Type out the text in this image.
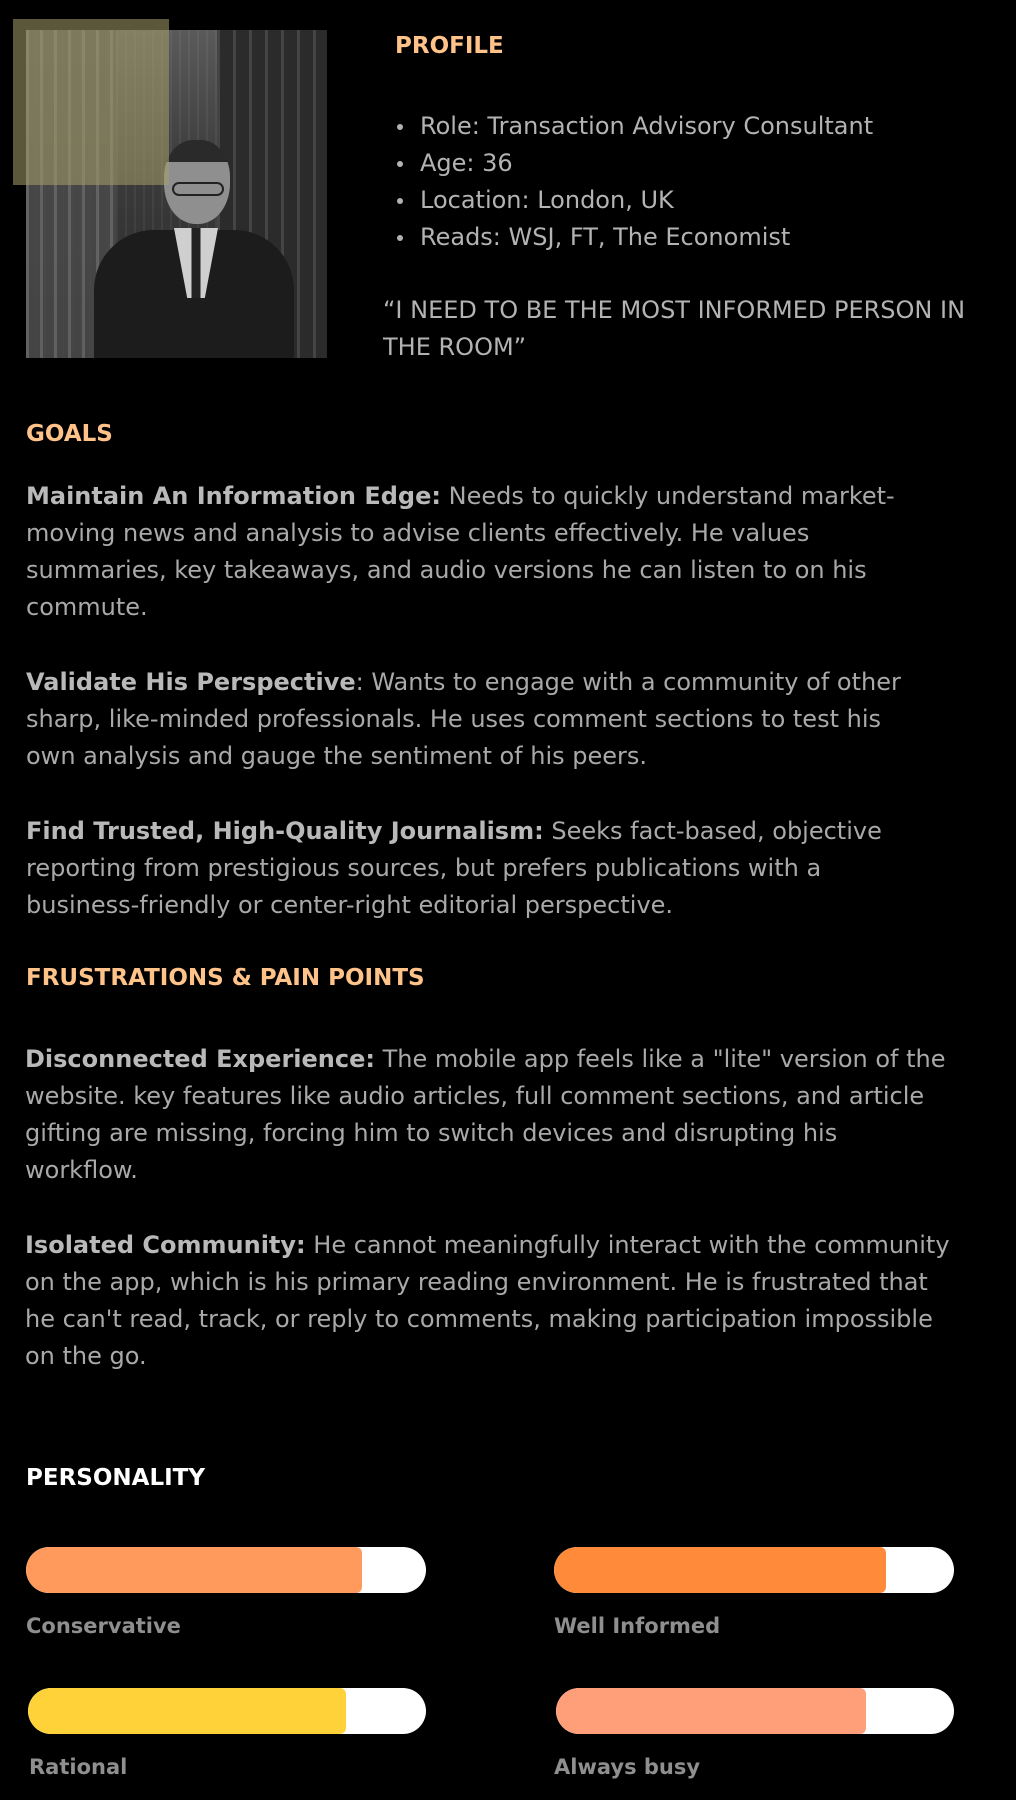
PROFILE
Role: Transaction Advisory Consultant
Age: 36
Location: London, UK
Reads: WSJ, FT, The Economist

“I NEED TO BE THE MOST INFORMED PERSON IN
THE ROOM”

GOALS

Maintain An Information Edge: Needs to quickly understand market-
moving news and analysis to advise clients effectively. He values
summaries, key takeaways, and audio versions he can listen to on his
commute.

Validate His Perspective: Wants to engage with a community of other
sharp, like-minded professionals. He uses comment sections to test his
own analysis and gauge the sentiment of his peers.

Find Trusted, High-Quality Journalism: Seeks fact-based, objective
reporting from prestigious sources, but prefers publications with a
business-friendly or center-right editorial perspective.

FRUSTRATIONS & PAIN POINTS

Disconnected Experience: The mobile app feels like a "lite" version of the
website. key features like audio articles, full comment sections, and article
gifting are missing, forcing him to switch devices and disrupting his
workflow.

Isolated Community: He cannot meaningfully interact with the community
on the app, which is his primary reading environment. He is frustrated that
he can't read, track, or reply to comments, making participation impossible
on the go.

PERSONALITY

Conservative	Well Informed

Rational	Always busy
